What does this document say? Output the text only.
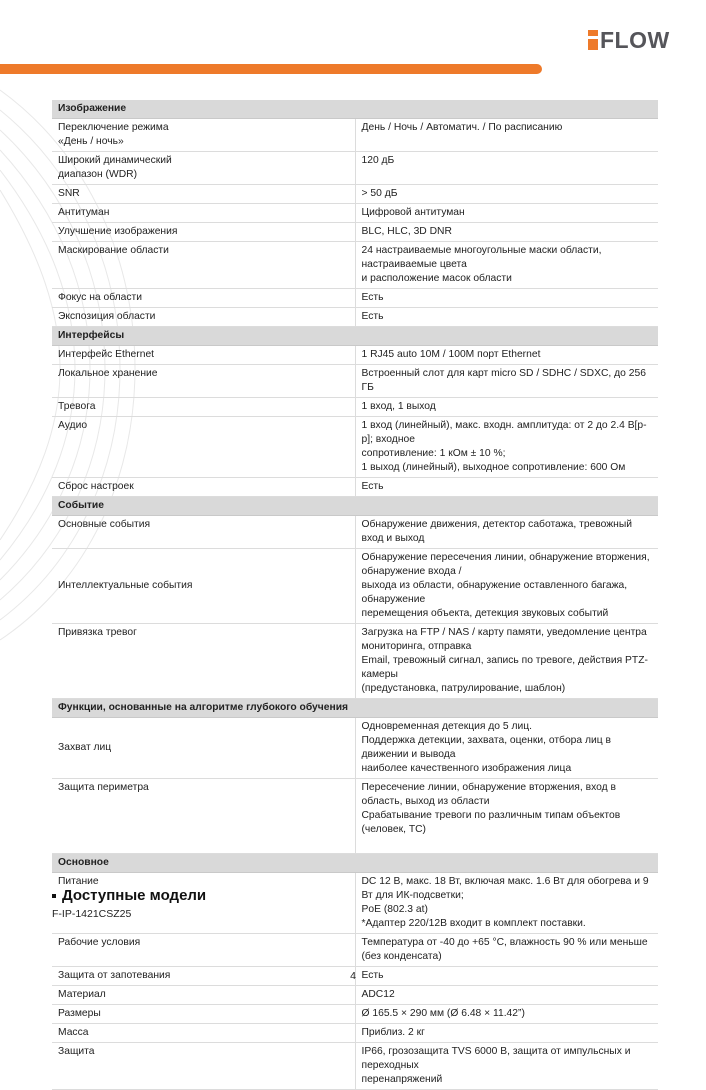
FLOW
Изображение	

Переключение режима
«День / ночь»	День / Ночь / Автоматич. / По расписанию

Широкий динамический
диапазон (WDR)	120 дБ

SNR	> 50 дБ

Антитуман	Цифровой антитуман

Улучшение изображения	BLC, HLC, 3D DNR

Маскирование области	24 настраиваемые многоугольные маски области, настраиваемые цвета
и расположение масок области

Фокус на области	Есть

Экспозиция области	Есть

Интерфейсы	

Интерфейс Ethernet	1 RJ45 auto 10M / 100M порт Ethernet

Локальное хранение	Встроенный слот для карт micro SD / SDHC / SDXC, до 256 ГБ

Тревога	1 вход, 1 выход

Аудио	1 вход (линейный), макс. входн. амплитуда: от 2 до 2.4 В[р-р]; входное
сопротивление: 1 кОм ± 10 %;
1 выход (линейный), выходное сопротивление: 600 Ом

Сброс настроек	Есть

Событие	

Основные события	Обнаружение движения, детектор саботажа, тревожный вход и выход

Интеллектуальные события	Обнаружение пересечения линии, обнаружение вторжения, обнаружение входа /
выхода из области, обнаружение оставленного багажа, обнаружение
перемещения объекта, детекция звуковых событий

Привязка тревог	Загрузка на FTP / NAS / карту памяти, уведомление центра мониторинга, отправка
Email, тревожный сигнал, запись по тревоге, действия PTZ-камеры
(предустановка, патрулирование, шаблон)

Функции, основанные на алгоритме глубокого обучения	

Захват лиц	Одновременная детекция до 5 лиц.
Поддержка детекции, захвата, оценки, отбора лиц в движении и вывода
наиболее качественного изображения лица

Защита периметра	Пересечение линии, обнаружение вторжения, вход в область, выход из области
Срабатывание тревоги по различным типам объектов (человек, ТС)

Основное	

Питание	DC 12 В, макс. 18 Вт, включая макс. 1.6 Вт для обогрева и 9 Вт для ИК-подсветки;
PoE (802.3 at)
*Адаптер 220/12В входит в комплект поставки.

Рабочие условия	Температура от -40 до +65 °C, влажность 90 % или меньше (без конденсата)

Защита от запотевания	Есть

Материал	ADC12

Размеры	Ø 165.5 × 290 мм (Ø 6.48 × 11.42”)

Масса	Приблиз. 2 кг

Защита	IP66, грозозащита TVS 6000 В, защита от импульсных и переходных
перенапряжений
Доступные модели
F-IP-1421CSZ25
4
